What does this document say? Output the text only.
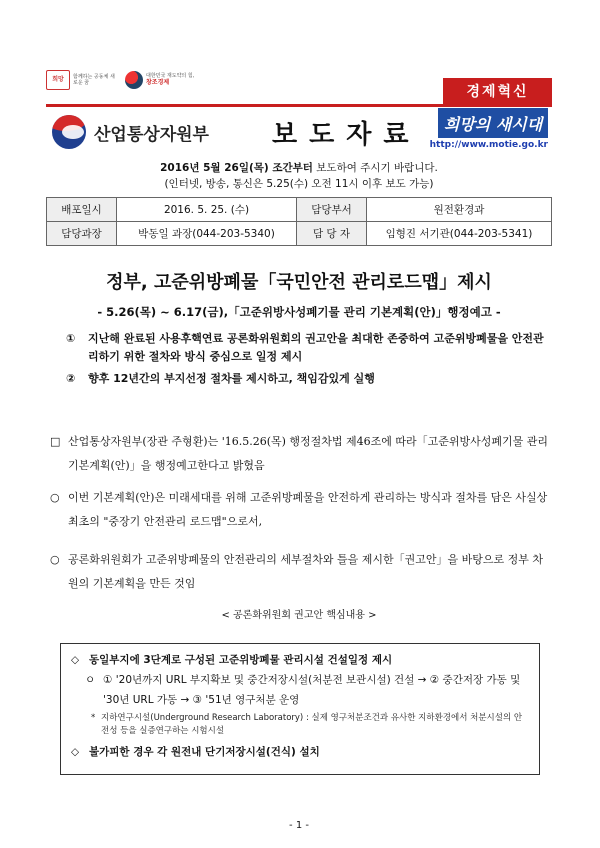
희망	함께하는 공동체 새로운 꿈
대한민국 재도약의 힘,
창조경제
경제혁신
산업통상자원부	보도자료	희망의 새시대
http://www.motie.go.kr
2016년 5월 26일(목) 조간부터 보도하여 주시기 바랍니다.
(인터넷, 방송, 통신은 5.25(수) 오전 11시 이후 보도 가능)
배포일시	2016. 5. 25. (수)	담당부서	원전환경과
담당과장	박동일 과장(044-203-5340)	담 당 자	임형진 서기관(044-203-5341)
정부, 고준위방폐물「국민안전 관리로드맵」제시
- 5.26(목) ~ 6.17(금),「고준위방사성폐기물 관리 기본계획(안)」행정예고 -
①	지난해 완료된 사용후핵연료 공론화위원회의 권고안을 최대한 존중하여 고준위방폐물을 안전관리하기 위한 절차와 방식 중심으로 일정 제시
②	향후 12년간의 부지선정 절차를 제시하고, 책임감있게 실행
□ 산업통상자원부(장관 주형환)는 '16.5.26(목) 행정절차법 제46조에 따라「고준위방사성폐기물 관리 기본계획(안)」을 행정예고한다고 밝혔음
○ 이번 기본계획(안)은 미래세대를 위해 고준위방폐물을 안전하게 관리하는 방식과 절차를 담은 사실상 최초의 "중장기 안전관리 로드맵"으로서,
○ 공론화위원회가 고준위방폐물의 안전관리의 세부절차와 틀을 제시한「권고안」을 바탕으로 정부 차원의 기본계획을 만든 것임
< 공론화위원회 권고안 핵심내용 >
◇ 동일부지에 3단계로 구성된 고준위방폐물 관리시설 건설일정 제시
ㅇ ① '20년까지 URL 부지확보 및 중간저장시설(처분전 보관시설) 건설 → ② 중간저장 가동 및 '30년 URL 가동 → ③ '51년 영구처분 운영
* 지하연구시설(Underground Research Laboratory) : 실제 영구처분조건과 유사한 지하환경에서 처분시설의 안전성 등을 실증연구하는 시험시설
◇ 불가피한 경우 각 원전내 단기저장시설(건식) 설치
- 1 -
